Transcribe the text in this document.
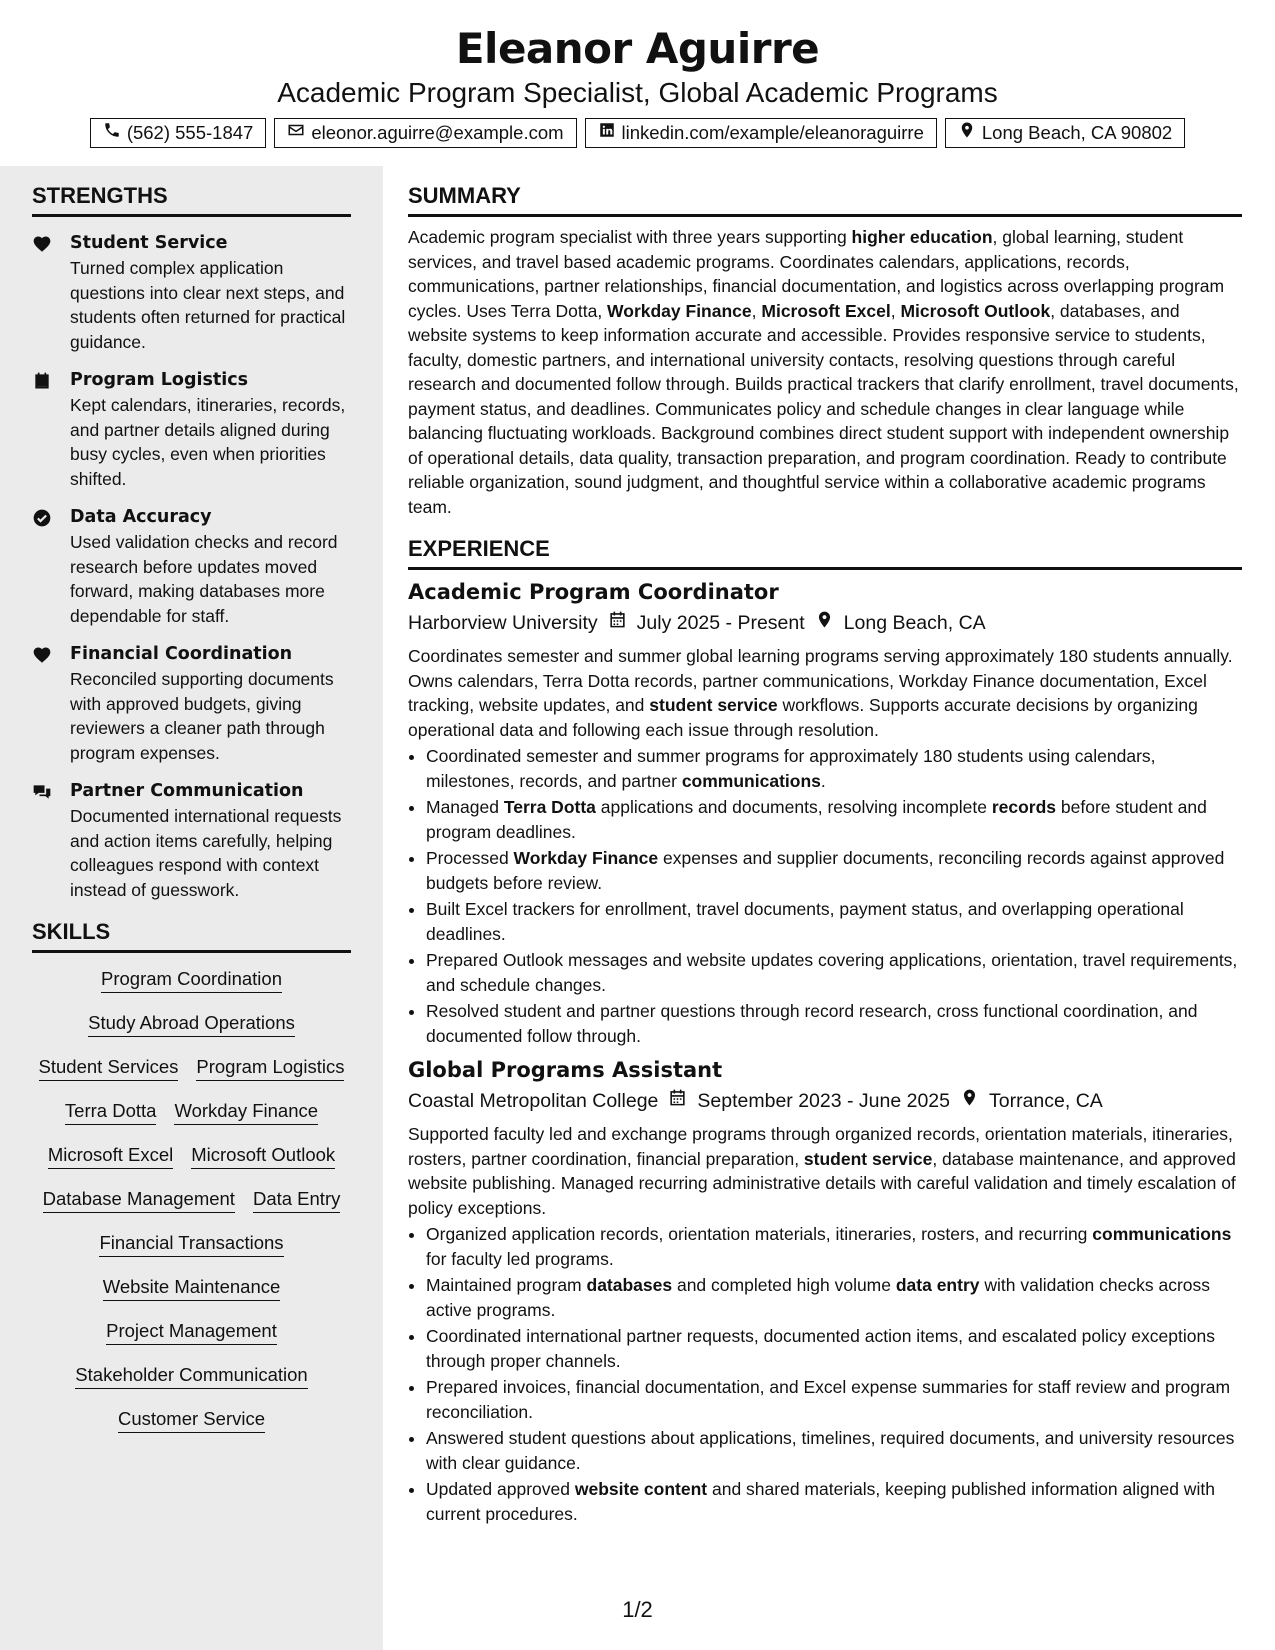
Eleanor Aguirre
Academic Program Specialist, Global Academic Programs
(562) 555-1847	eleonor.aguirre@example.com	linkedin.com/example/eleanoraguirre	Long Beach, CA 90802
STRENGTHS
Student Service
Turned complex application questions into clear next steps, and students often returned for practical guidance.
Program Logistics
Kept calendars, itineraries, records, and partner details aligned during busy cycles, even when priorities shifted.
Data Accuracy
Used validation checks and record research before updates moved forward, making databases more dependable for staff.
Financial Coordination
Reconciled supporting documents with approved budgets, giving reviewers a cleaner path through program expenses.
Partner Communication
Documented international requests and action items carefully, helping colleagues respond with context instead of guesswork.
SKILLS
Program Coordination
Study Abroad Operations
Student Services Program Logistics
Terra Dotta Workday Finance
Microsoft Excel Microsoft Outlook
Database Management Data Entry
Financial Transactions
Website Maintenance
Project Management
Stakeholder Communication
Customer Service
SUMMARY
Academic program specialist with three years supporting higher education, global learning, student services, and travel based academic programs. Coordinates calendars, applications, records, communications, partner relationships, financial documentation, and logistics across overlapping program cycles. Uses Terra Dotta, Workday Finance, Microsoft Excel, Microsoft Outlook, databases, and website systems to keep information accurate and accessible. Provides responsive service to students, faculty, domestic partners, and international university contacts, resolving questions through careful research and documented follow through. Builds practical trackers that clarify enrollment, travel documents, payment status, and deadlines. Communicates policy and schedule changes in clear language while balancing fluctuating workloads. Background combines direct student support with independent ownership of operational details, data quality, transaction preparation, and program coordination. Ready to contribute reliable organization, sound judgment, and thoughtful service within a collaborative academic programs team.
EXPERIENCE
Academic Program Coordinator
Harborview University July 2025 - Present Long Beach, CA
Coordinates semester and summer global learning programs serving approximately 180 students annually. Owns calendars, Terra Dotta records, partner communications, Workday Finance documentation, Excel tracking, website updates, and student service workflows. Supports accurate decisions by organizing operational data and following each issue through resolution.
• Coordinated semester and summer programs for approximately 180 students using calendars, milestones, records, and partner communications.
• Managed Terra Dotta applications and documents, resolving incomplete records before student and program deadlines.
• Processed Workday Finance expenses and supplier documents, reconciling records against approved budgets before review.
• Built Excel trackers for enrollment, travel documents, payment status, and overlapping operational deadlines.
• Prepared Outlook messages and website updates covering applications, orientation, travel requirements, and schedule changes.
• Resolved student and partner questions through record research, cross functional coordination, and documented follow through.
Global Programs Assistant
Coastal Metropolitan College September 2023 - June 2025 Torrance, CA
Supported faculty led and exchange programs through organized records, orientation materials, itineraries, rosters, partner coordination, financial preparation, student service, database maintenance, and approved website publishing. Managed recurring administrative details with careful validation and timely escalation of policy exceptions.
• Organized application records, orientation materials, itineraries, rosters, and recurring communications for faculty led programs.
• Maintained program databases and completed high volume data entry with validation checks across active programs.
• Coordinated international partner requests, documented action items, and escalated policy exceptions through proper channels.
• Prepared invoices, financial documentation, and Excel expense summaries for staff review and program reconciliation.
• Answered student questions about applications, timelines, required documents, and university resources with clear guidance.
• Updated approved website content and shared materials, keeping published information aligned with current procedures.
1/2
